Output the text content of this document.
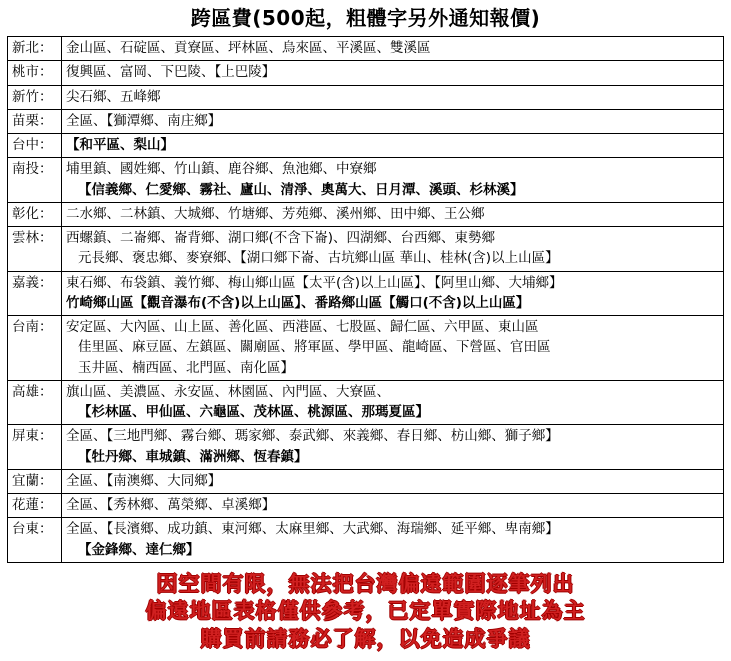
跨區費(500起，粗體字另外通知報價)
新北：	金山區、石碇區、貢寮區、坪林區、烏來區、平溪區、雙溪區

桃市：	復興區、富岡、下巴陵、【上巴陵】

新竹：	尖石鄉、五峰鄉

苗栗：	全區、【獅潭鄉、南庄鄉】

台中：	【和平區、梨山】

南投：	埔里鎮、國姓鄉、竹山鎮、鹿谷鄉、魚池鄉、中寮鄉
【信義鄉、仁愛鄉、霧社、廬山、清淨、奧萬大、日月潭、溪頭、杉林溪】

彰化：	二水鄉、二林鎮、大城鄉、竹塘鄉、芳苑鄉、溪州鄉、田中鄉、王公鄉

雲林：	西螺鎮、二崙鄉、崙背鄉、湖口鄉(不含下崙)、四湖鄉、台西鄉、東勢鄉
元長鄉、褒忠鄉、麥寮鄉、【湖口鄉下崙、古坑鄉山區 華山、桂林(含)以上山區】

嘉義：	東石鄉、布袋鎮、義竹鄉、梅山鄉山區【太平(含)以上山區】、【阿里山鄉、大埔鄉】
竹崎鄉山區【觀音瀑布(不含)以上山區】、番路鄉山區【觸口(不含)以上山區】

台南：	安定區、大內區、山上區、善化區、西港區、七股區、歸仁區、六甲區、東山區
佳里區、麻豆區、左鎮區、關廟區、將軍區、學甲區、龍崎區、下營區、官田區
玉井區、楠西區、北門區、南化區】

高雄：	旗山區、美濃區、永安區、林園區、內門區、大寮區、
【杉林區、甲仙區、六龜區、茂林區、桃源區、那瑪夏區】

屏東：	全區、【三地門鄉、霧台鄉、瑪家鄉、泰武鄉、來義鄉、春日鄉、枋山鄉、獅子鄉】
【牡丹鄉、車城鎮、滿洲鄉、恆春鎮】

宜蘭：	全區、【南澳鄉、大同鄉】

花蓮：	全區、【秀林鄉、萬榮鄉、卓溪鄉】

台東：	全區、【長濱鄉、成功鎮、東河鄉、太麻里鄉、大武鄉、海瑞鄉、延平鄉、卑南鄉】
【金鋒鄉、達仁鄉】
因空間有限，無法把台灣偏遠範圍逐筆列出
偏遠地區表格僅供參考，已定單實際地址為主
購買前請務必了解，以免造成爭議
